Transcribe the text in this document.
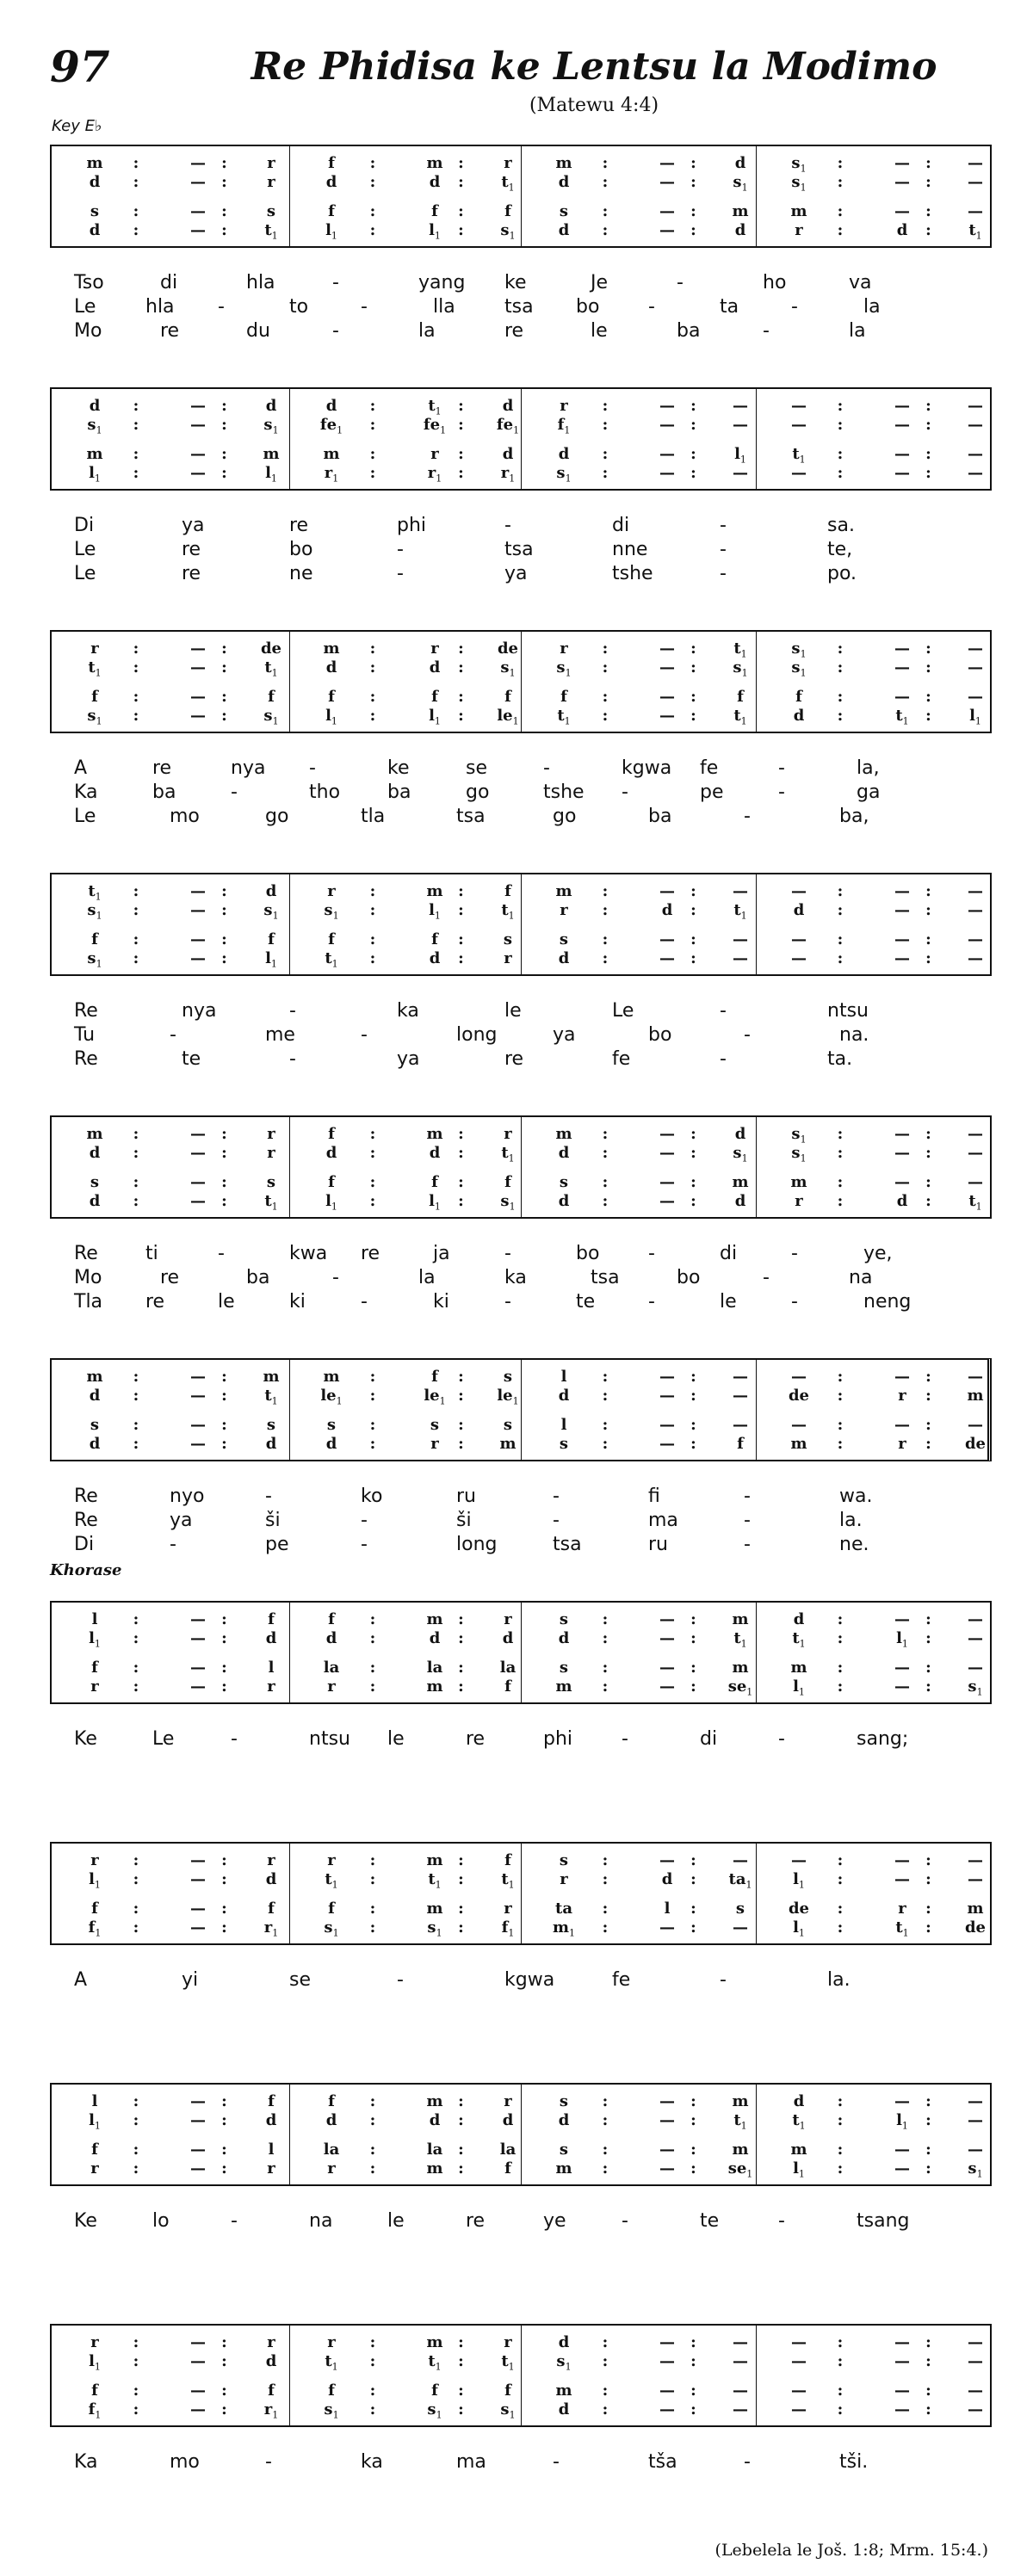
97	Re Phidisa ke Lentsu la Modimo
(Matewu 4:4)
Key E♭
m	:	—	:	r	f	:	m :	r	m	:	—	:	d	$s_1$	:	—	:	—
d	:	—	:	r	d	:	d	:	$t_1$	d	:	—	:	$s_1$	$s_1$	:	—	:	—
s	:	—	:	s	f	:	f	:	f	s	:	—	:	m	m	:	—	:	—
d	:	—	:	$t_1$	$l_1$	:	$l_1$	:	$s_1$	d	:	—	:	d	r	:	d	:	$t_1$
Tso	di	hla	-	yang ke	Je	-	ho	va
Le	hla -	to	-	lla	tsa bo	-	ta	-	la
Mo	re	du	-	la	re	le	ba	-	la
d	:	—	:	d	d	:	$t_1$	:	d	r	:	—	:	—	—	:	—	:	—
$s_1$	:	—	:	$s_1$	$fe_1$	:	$fe_1$ :	$fe_1$	$f_1$	:	—	:	—	—	:	—	:	—
m	:	—	:	m	m	:	r	:	d	d	:	—	:	$l_1$	$t_1$	:	—	:	—
$l_1$	:	—	:	$l_1$	$r_1$	:	$r_1$	:	$r_1$	$s_1$	:	—	:	—	—	:	—	:	—
Di	ya	re	phi	-	di	-	sa.
Le	re	bo	-	tsa	nne	-	te,
Le	re	ne	-	ya	tshe	-	po.
r	:	—	:	de	m	:	r	:	de	r	:	—	:	$t_1$	$s_1$	:	—	:	—
$t_1$	:	—	:	$t_1$	d	:	d	:	$s_1$	$s_1$	:	—	:	$s_1$	$s_1$	:	—	:	—
f	:	—	:	f	f	:	f	:	f	f	:	—	:	f	f	:	—	:	—
$s_1$	:	—	:	$s_1$	$l_1$	:	$l_1$	:	$le_1$	$t_1$	:	—	:	$t_1$	d	:	$t_1$	:	$l_1$
A	re	nya -	ke	se	-	kgwa fe	-	la,
Ka	ba	-	tho ba	go	tshe -	pe	-	ga
Le	mo	go	tla	tsa	go	ba	-	ba,
$t_1$	:	—	:	d	r	:	m :	f	m	:	—	:	—	—	:	—	:	—
$s_1$	:	—	:	$s_1$	$s_1$	:	$l_1$	:	$t_1$	r	:	d	:	$t_1$	d	:	—	:	—
f	:	—	:	f	f	:	f	:	s	s	:	—	:	—	—	:	—	:	—
$s_1$	:	—	:	$l_1$	$t_1$	:	d	:	r	d	:	—	:	—	—	:	—	:	—
Re	nya	-	ka	le	Le	-	ntsu
Tu	-	me	-	long	ya	bo	-	na.
Re	te	-	ya	re	fe	-	ta.
m	:	—	:	r	f	:	m :	r	m	:	—	:	d	$s_1$	:	—	:	—
d	:	—	:	r	d	:	d	:	$t_1$	d	:	—	:	$s_1$	$s_1$	:	—	:	—
s	:	—	:	s	f	:	f	:	f	s	:	—	:	m	m	:	—	:	—
d	:	—	:	$t_1$	$l_1$	:	$l_1$	:	$s_1$	d	:	—	:	d	r	:	d	:	$t_1$
Re	ti	-	kwa re	ja	-	bo	-	di	-	ye,
Mo	re	ba	-	la	ka	tsa	bo	-	na
Tla re	le	ki	-	ki	-	te	-	le	-	neng
m	:	—	:	m	m	:	f	:	s	l	:	—	:	—	—	:	—	:	—
d	:	—	:	$t_1$	$le_1$	:	$le_1$ :	$le_1$	d	:	—	:	—	de	:	r	:	m
s	:	—	:	s	s	:	s	:	s	l	:	—	:	—	—	:	—	:	—
d	:	—	:	d	d	:	r	:	m	s	:	—	:	f	m	:	r	:	de
Re	nyo	-	ko	ru	-	fi	-	wa.
Re	ya	ši	-	ši	-	ma	-	la.
Di	-	pe	-	long	tsa	ru	-	ne.
l	:	—	:	f	f	:	m :	r	s	:	—	:	m	d	:	—	:	—
$l_1$	:	—	:	d	d	:	d	:	d	d	:	—	:	$t_1$	$t_1$	:	$l_1$	:	—
f	:	—	:	l	la	:	la :	la	s	:	—	:	m	m	:	—	:	—
r	:	—	:	r	r	:	m :	f	m	:	—	:	$se_1$	$l_1$	:	—	:	$s_1$
Ke	Le	-	ntsu le	re	phi	-	di	-	sang;
r	:	—	:	r	r	:	m :	f	s	:	—	:	—	—	:	—	:	—
$l_1$	:	—	:	d	$t_1$	:	$t_1$	:	$t_1$	r	:	d	:	$ta_1$	$l_1$	:	—	:	—
f	:	—	:	f	f	:	m :	r	ta	:	l	:	s	de	:	r	:	m
$f_1$	:	—	:	$r_1$	$s_1$	:	$s_1$	:	$f_1$	$m_1$	:	—	:	—	$l_1$	:	$t_1$	:	de
A	yi	se	-	kgwa	fe	-	la.
l	:	—	:	f	f	:	m :	r	s	:	—	:	m	d	:	—	:	—
$l_1$	:	—	:	d	d	:	d	:	d	d	:	—	:	$t_1$	$t_1$	:	$l_1$	:	—
f	:	—	:	l	la	:	la :	la	s	:	—	:	m	m	:	—	:	—
r	:	—	:	r	r	:	m :	f	m	:	—	:	$se_1$	$l_1$	:	—	:	$s_1$
Ke	lo	-	na	le	re	ye	-	te	-	tsang
r	:	—	:	r	r	:	m :	r	d	:	—	:	—	—	:	—	:	—
$l_1$	:	—	:	d	$t_1$	:	$t_1$	:	$t_1$	$s_1$	:	—	:	—	—	:	—	:	—
f	:	—	:	f	f	:	f	:	f	m	:	—	:	—	—	:	—	:	—
$f_1$	:	—	:	$r_1$	$s_1$	:	$s_1$	:	$s_1$	d	:	—	:	—	—	:	—	:	—
Ka	mo	-	ka	ma	-	tša	-	tši.
Khorase
(Lebelela le Još. 1:8; Mrm. 15:4.)
